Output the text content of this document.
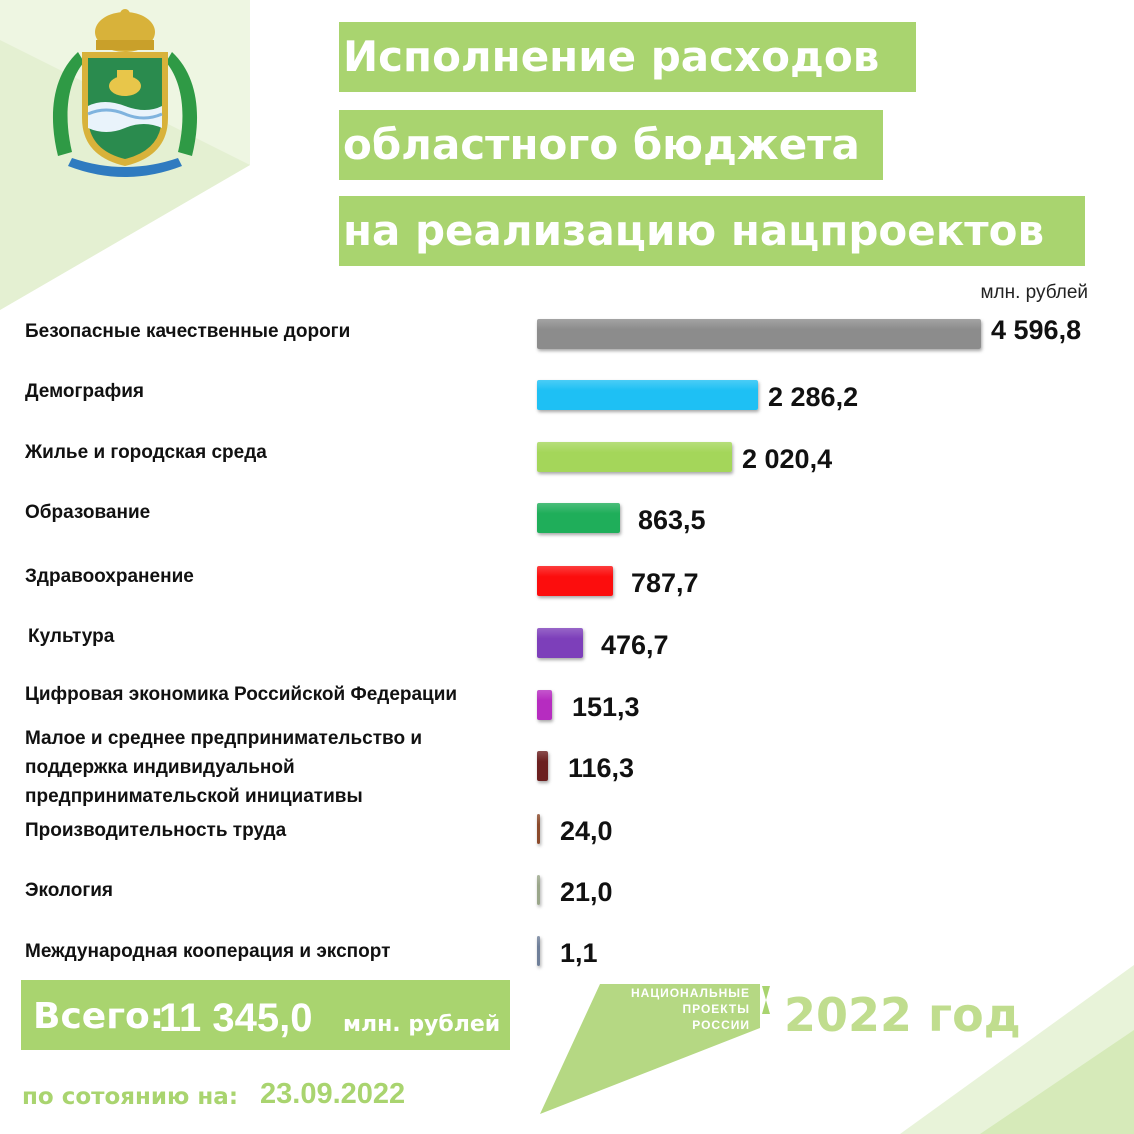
Исполнение расходов
областного бюджета
на реализацию нацпроектов
млн. рублей
Безопасные качественные дороги
Демография
Жилье и городская среда
Образование
Здравоохранение
Культура
Цифровая экономика Российской Федерации
Малое и среднее предпринимательство и поддержка индивидуальной предпринимательской инициативы
Производительность труда
Экология
Международная кооперация и экспорт
4 596,8
2 286,2
2 020,4
863,5
787,7
476,7
151,3
116,3
24,0
21,0
1,1
Всего:
11 345,0 млн. рублей
по сотоянию на: 23.09.2022
НАЦИОНАЛЬНЫЕ
ПРОЕКТЫ
РОССИИ 2022 год
